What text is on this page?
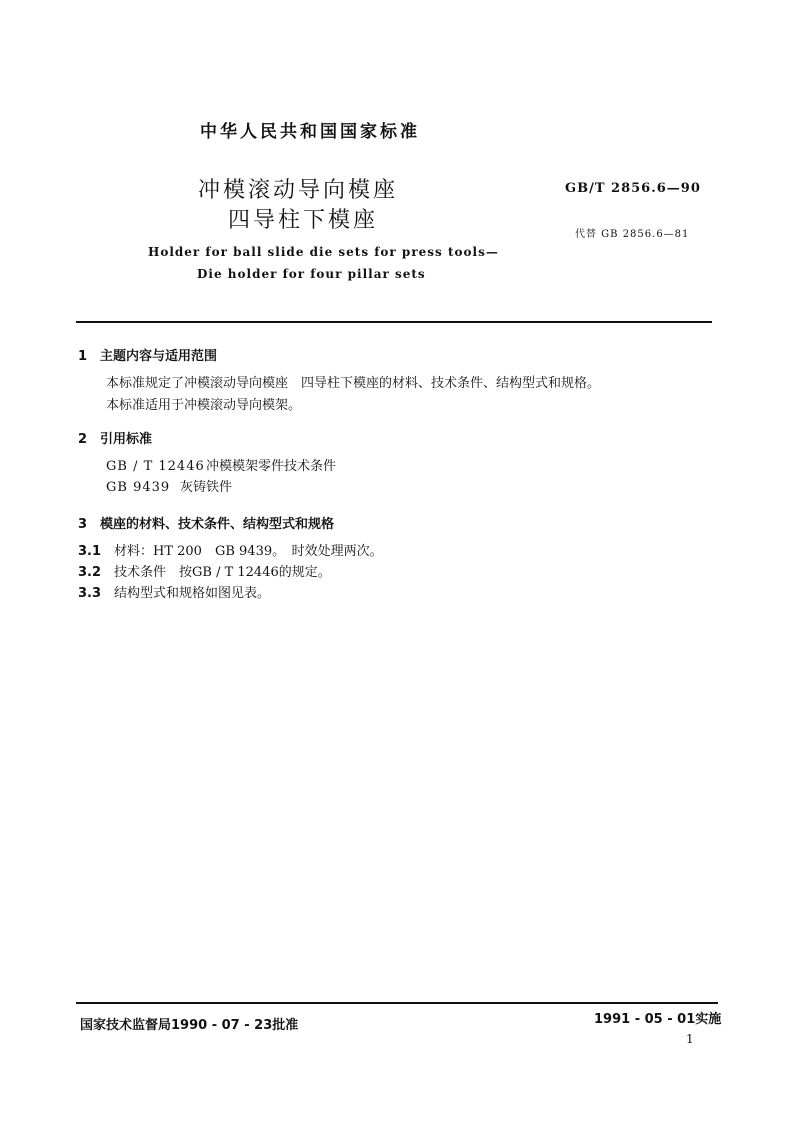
中华人民共和国国家标准
冲模滚动导向模座
四导柱下模座
GB/T 2856.6—90
代替 GB 2856.6—81
Holder for ball slide die sets for press tools—
Die holder for four pillar sets
1 主题内容与适用范围
本标准规定了冲模滚动导向模座　四导柱下模座的材料、技术条件、结构型式和规格。
本标准适用于冲模滚动导向模架。
2 引用标准
GB / T 12446冲模模架零件技术条件
GB 9439 灰铸铁件
3 模座的材料、技术条件、结构型式和规格
3.1 材料：HT 200　GB 9439。　时效处理两次。
3.2 技术条件　按GB / T 12446的规定。
3.3 结构型式和规格如图见表。
国家技术监督局1990 - 07 - 23批准	1991 - 05 - 01实施
1
